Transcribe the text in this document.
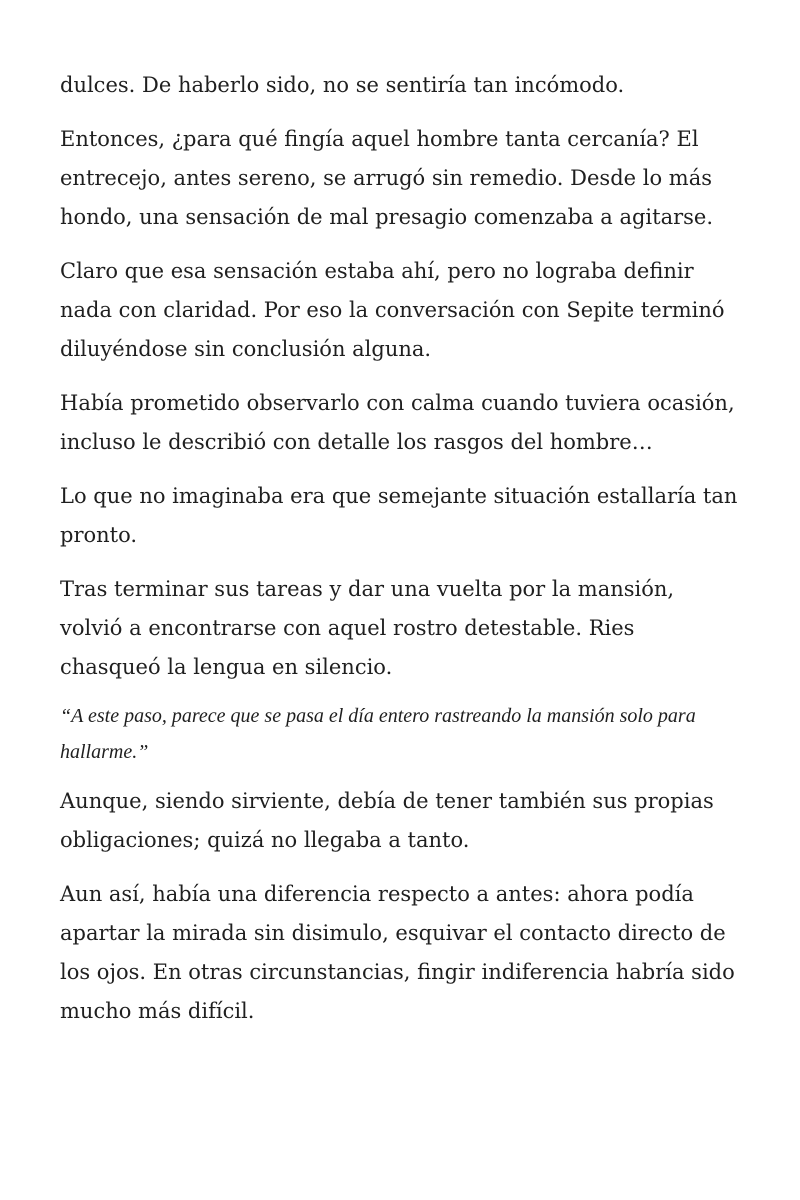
dulces. De haberlo sido, no se sentiría tan incómodo.

Entonces, ¿para qué fingía aquel hombre tanta cercanía? El entrecejo, antes sereno, se arrugó sin remedio. Desde lo más hondo, una sensación de mal presagio comenzaba a agitarse.

Claro que esa sensación estaba ahí, pero no lograba definir nada con claridad. Por eso la conversación con Sepite terminó diluyéndose sin conclusión alguna.

Había prometido observarlo con calma cuando tuviera ocasión, incluso le describió con detalle los rasgos del hombre…

Lo que no imaginaba era que semejante situación estallaría tan pronto.

Tras terminar sus tareas y dar una vuelta por la mansión, volvió a encontrarse con aquel rostro detestable. Ries chasqueó la lengua en silencio.

“A este paso, parece que se pasa el día entero rastreando la mansión solo para hallarme.”

Aunque, siendo sirviente, debía de tener también sus propias obligaciones; quizá no llegaba a tanto.

Aun así, había una diferencia respecto a antes: ahora podía apartar la mirada sin disimulo, esquivar el contacto directo de los ojos. En otras circunstancias, fingir indiferencia habría sido mucho más difícil.
